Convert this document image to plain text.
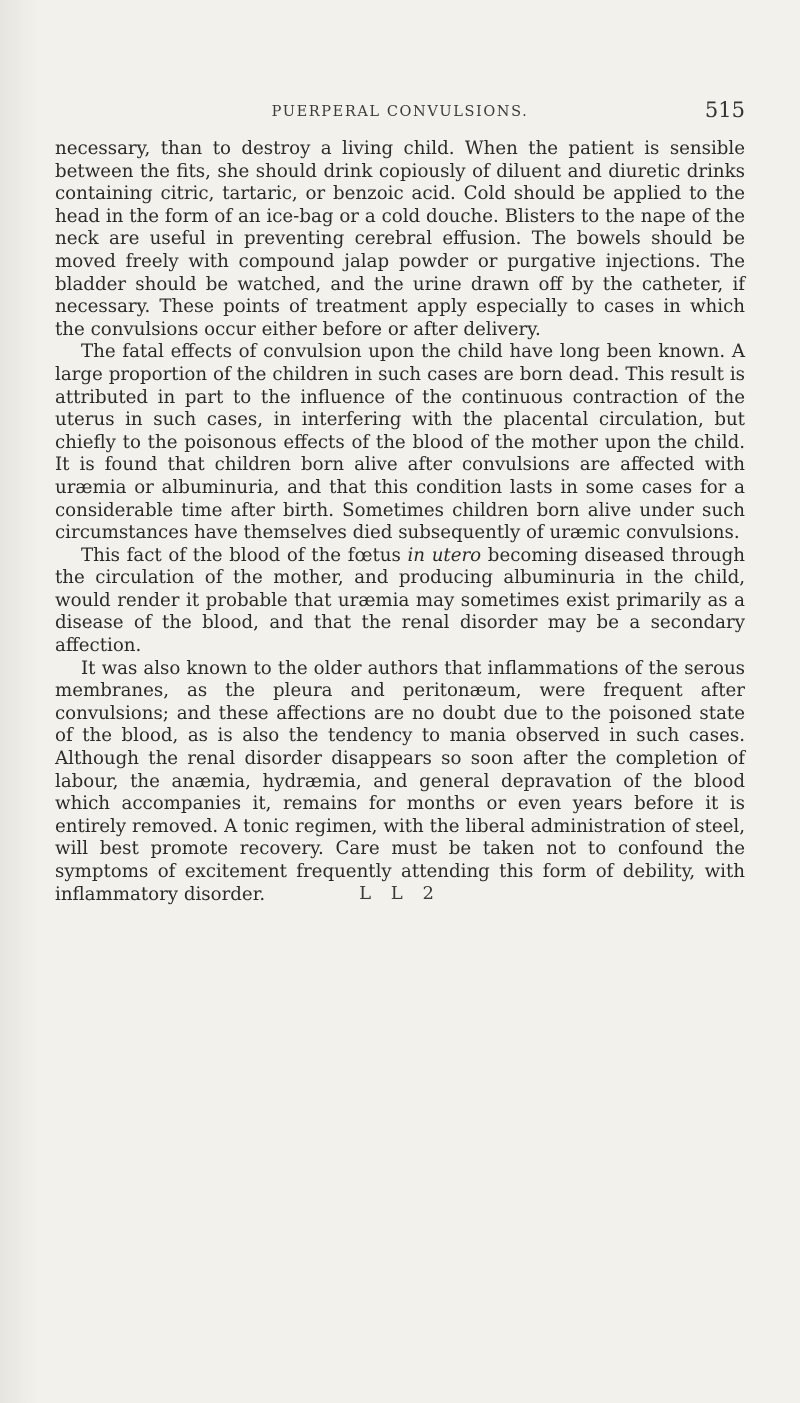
PUERPERAL CONVULSIONS.	515

necessary, than to destroy a living child. When the patient is sensible between the fits, she should drink copiously of diluent and diuretic drinks containing citric, tartaric, or benzoic acid. Cold should be applied to the head in the form of an ice-bag or a cold douche. Blisters to the nape of the neck are useful in preventing cerebral effusion. The bowels should be moved freely with compound jalap powder or purgative injections. The bladder should be watched, and the urine drawn off by the catheter, if necessary. These points of treatment apply especially to cases in which the convulsions occur either before or after delivery.

The fatal effects of convulsion upon the child have long been known. A large proportion of the children in such cases are born dead. This result is attributed in part to the influence of the continuous contraction of the uterus in such cases, in interfering with the placental circulation, but chiefly to the poisonous effects of the blood of the mother upon the child. It is found that children born alive after convulsions are affected with uræmia or albuminuria, and that this condition lasts in some cases for a considerable time after birth. Sometimes children born alive under such circumstances have themselves died subsequently of uræmic convulsions.

This fact of the blood of the fœtus in utero becoming diseased through the circulation of the mother, and producing albuminuria in the child, would render it probable that uræmia may sometimes exist primarily as a disease of the blood, and that the renal disorder may be a secondary affection.

It was also known to the older authors that inflammations of the serous membranes, as the pleura and peritonæum, were frequent after convulsions; and these affections are no doubt due to the poisoned state of the blood, as is also the tendency to mania observed in such cases. Although the renal disorder disappears so soon after the completion of labour, the anæmia, hydræmia, and general depravation of the blood which accompanies it, remains for months or even years before it is entirely removed. A tonic regimen, with the liberal administration of steel, will best promote recovery. Care must be taken not to confound the symptoms of excitement frequently attending this form of debility, with inflammatory disorder.	L L 2
